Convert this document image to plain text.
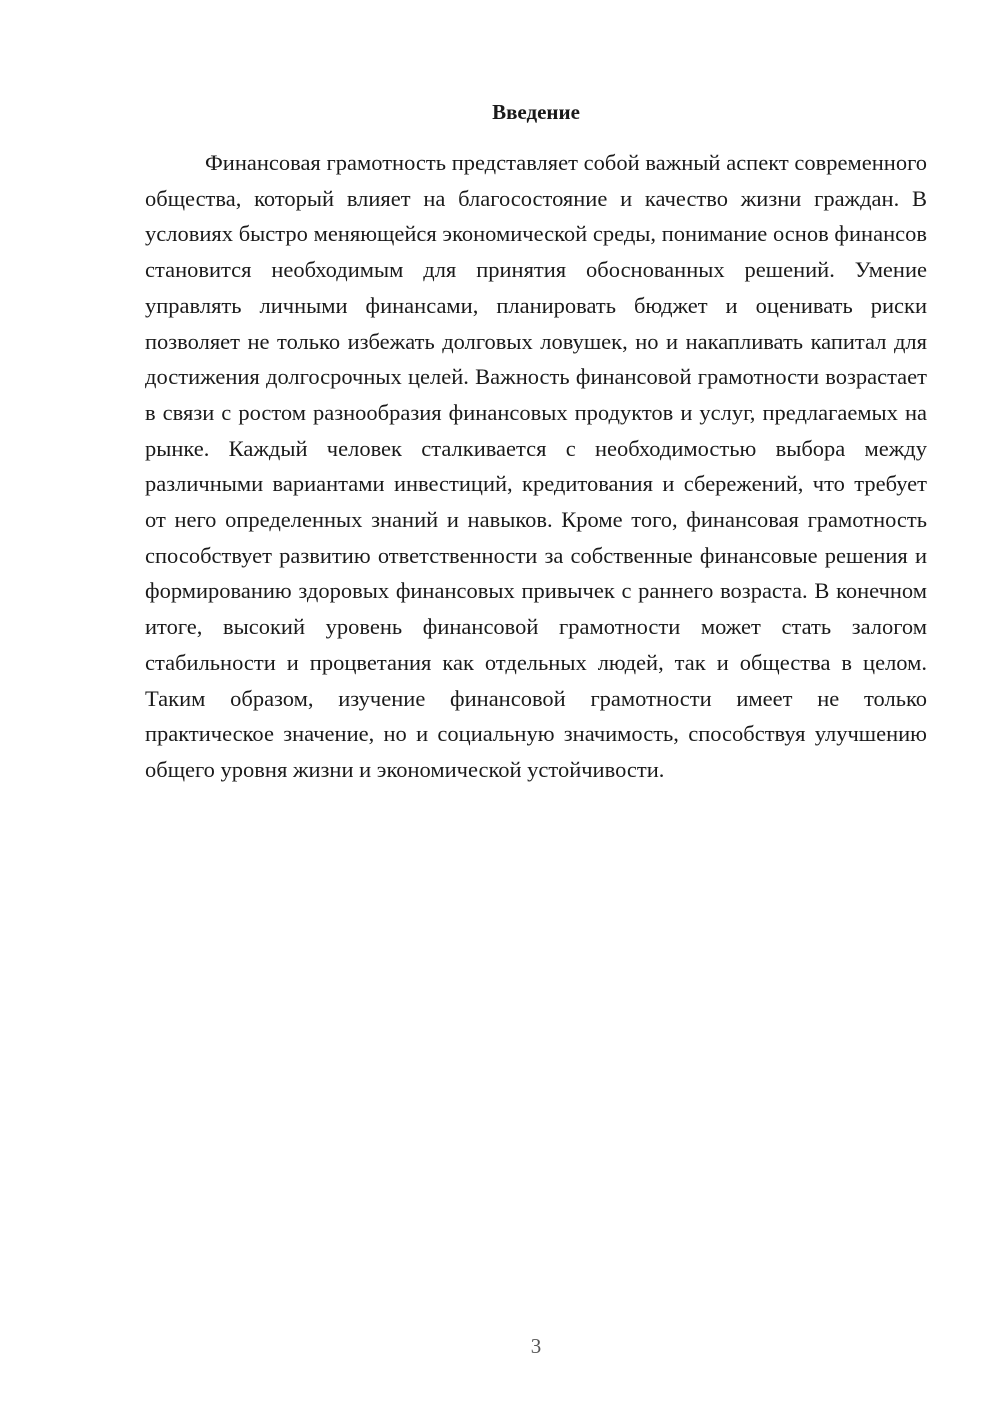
Введение

Финансовая грамотность представляет собой важный аспект современного общества, который влияет на благосостояние и качество жизни граждан. В условиях быстро меняющейся экономической среды, понимание основ финансов становится необходимым для принятия обоснованных решений. Умение управлять личными финансами, планировать бюджет и оценивать риски позволяет не только избежать долговых ловушек, но и накапливать капитал для достижения долгосрочных целей. Важность финансовой грамотности возрастает в связи с ростом разнообразия финансовых продуктов и услуг, предлагаемых на рынке. Каждый человек сталкивается с необходимостью выбора между различными вариантами инвестиций, кредитования и сбережений, что требует от него определенных знаний и навыков. Кроме того, финансовая грамотность способствует развитию ответственности за собственные финансовые решения и формированию здоровых финансовых привычек с раннего возраста. В конечном итоге, высокий уровень финансовой грамотности может стать залогом стабильности и процветания как отдельных людей, так и общества в целом. Таким образом, изучение финансовой грамотности имеет не только практическое значение, но и социальную значимость, способствуя улучшению общего уровня жизни и экономической устойчивости.

3
